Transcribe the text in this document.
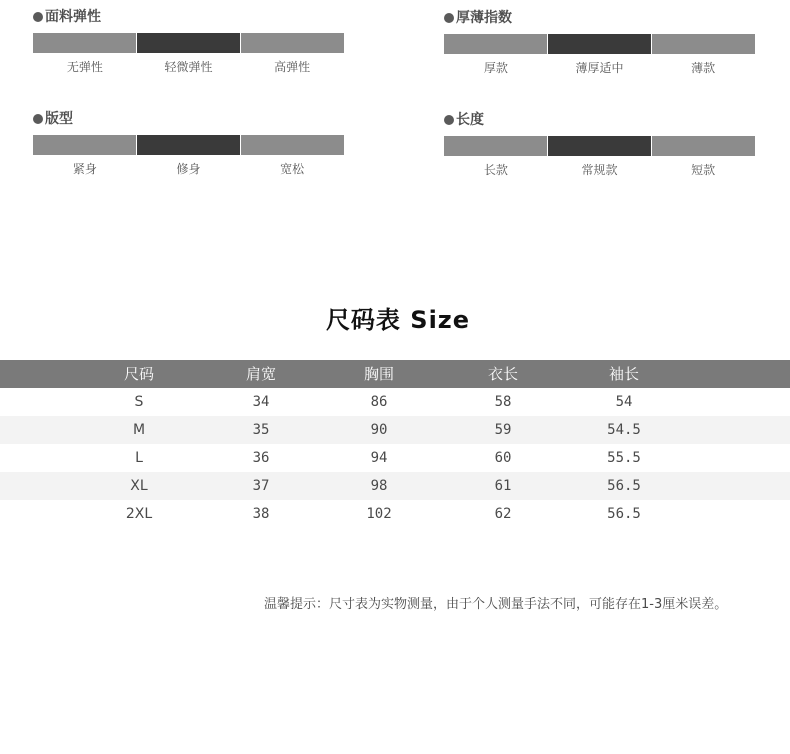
面料弹性
无弹性	轻微弹性	高弹性
厚薄指数
厚款	薄厚适中	薄款
版型
紧身	修身	宽松
长度
长款	常规款	短款
尺码表 Size
尺码	肩宽	胸围	衣长	袖长
S	34	86	58	54
M	35	90	59	54.5
L	36	94	60	55.5
XL	37	98	61	56.5
2XL	38	102	62	56.5
温馨提示：尺寸表为实物测量，由于个人测量手法不同，可能存在1-3厘米误差。
